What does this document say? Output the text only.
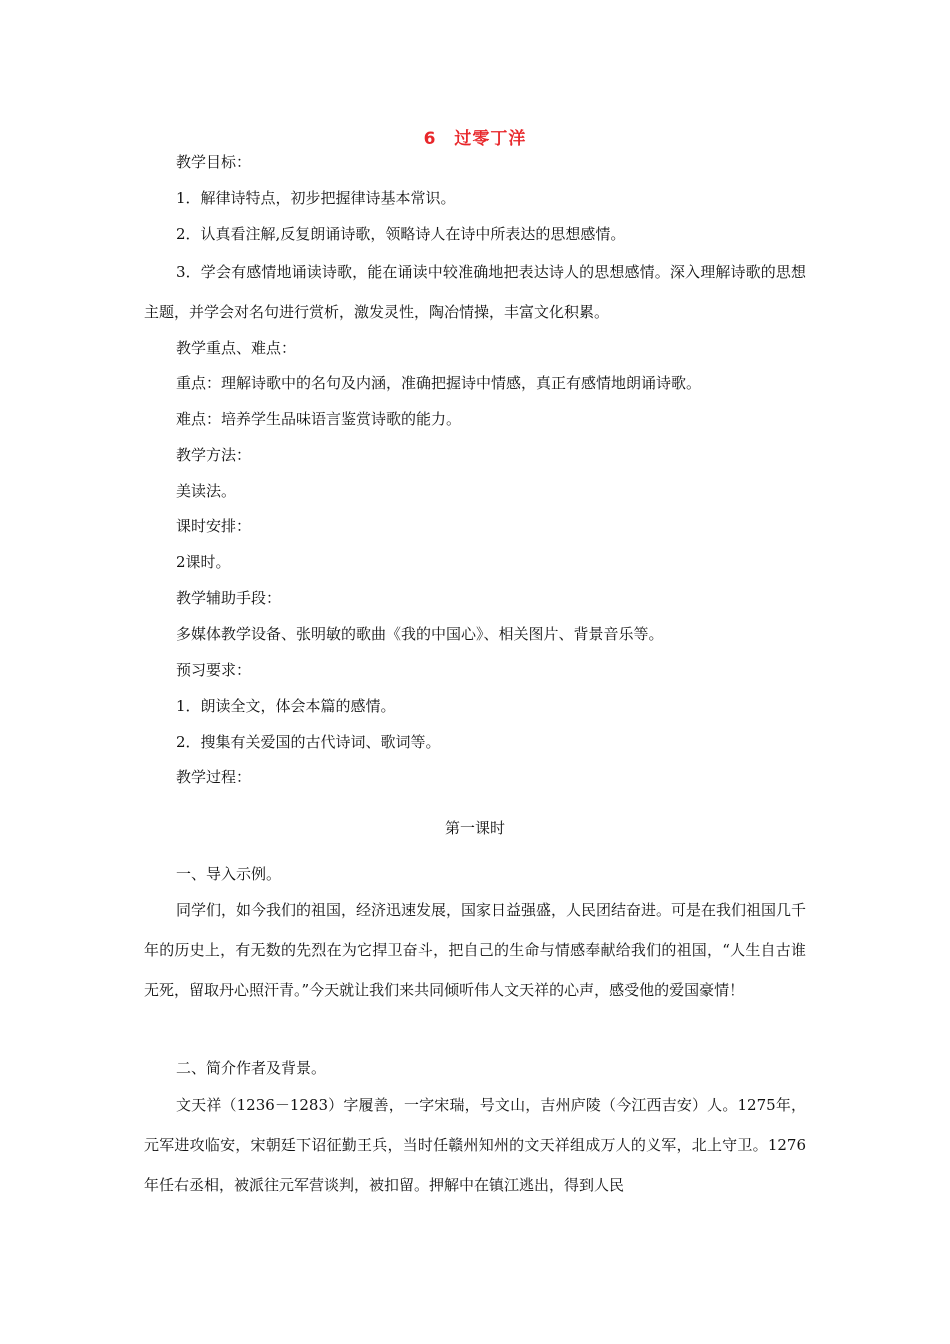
6　过零丁洋
教学目标：
1．解律诗特点，初步把握律诗基本常识。
2．认真看注解,反复朗诵诗歌，领略诗人在诗中所表达的思想感情。
3．学会有感情地诵读诗歌，能在诵读中较准确地把表达诗人的思想感情。深入理解诗歌的思想主题，并学会对名句进行赏析，激发灵性，陶冶情操，丰富文化积累。
教学重点、难点：
重点：理解诗歌中的名句及内涵，准确把握诗中情感，真正有感情地朗诵诗歌。
难点：培养学生品味语言鉴赏诗歌的能力。
教学方法：
美读法。
课时安排：
2课时。
教学辅助手段：
多媒体教学设备、张明敏的歌曲《我的中国心》、相关图片、背景音乐等。
预习要求：
1．朗读全文，体会本篇的感情。
2．搜集有关爱国的古代诗词、歌词等。
教学过程：
第一课时
一、导入示例。
同学们，如今我们的祖国，经济迅速发展，国家日益强盛，人民团结奋进。可是在我们祖国几千年的历史上，有无数的先烈在为它捍卫奋斗，把自己的生命与情感奉献给我们的祖国，“人生自古谁无死，留取丹心照汗青。”今天就让我们来共同倾听伟人文天祥的心声，感受他的爱国豪情！
二、简介作者及背景。
文天祥（1236－1283）字履善，一字宋瑞，号文山，吉州庐陵（今江西吉安）人。1275年，元军进攻临安，宋朝廷下诏征勤王兵，当时任赣州知州的文天祥组成万人的义军，北上守卫。1276年任右丞相，被派往元军营谈判，被扣留。押解中在镇江逃出，得到人民
